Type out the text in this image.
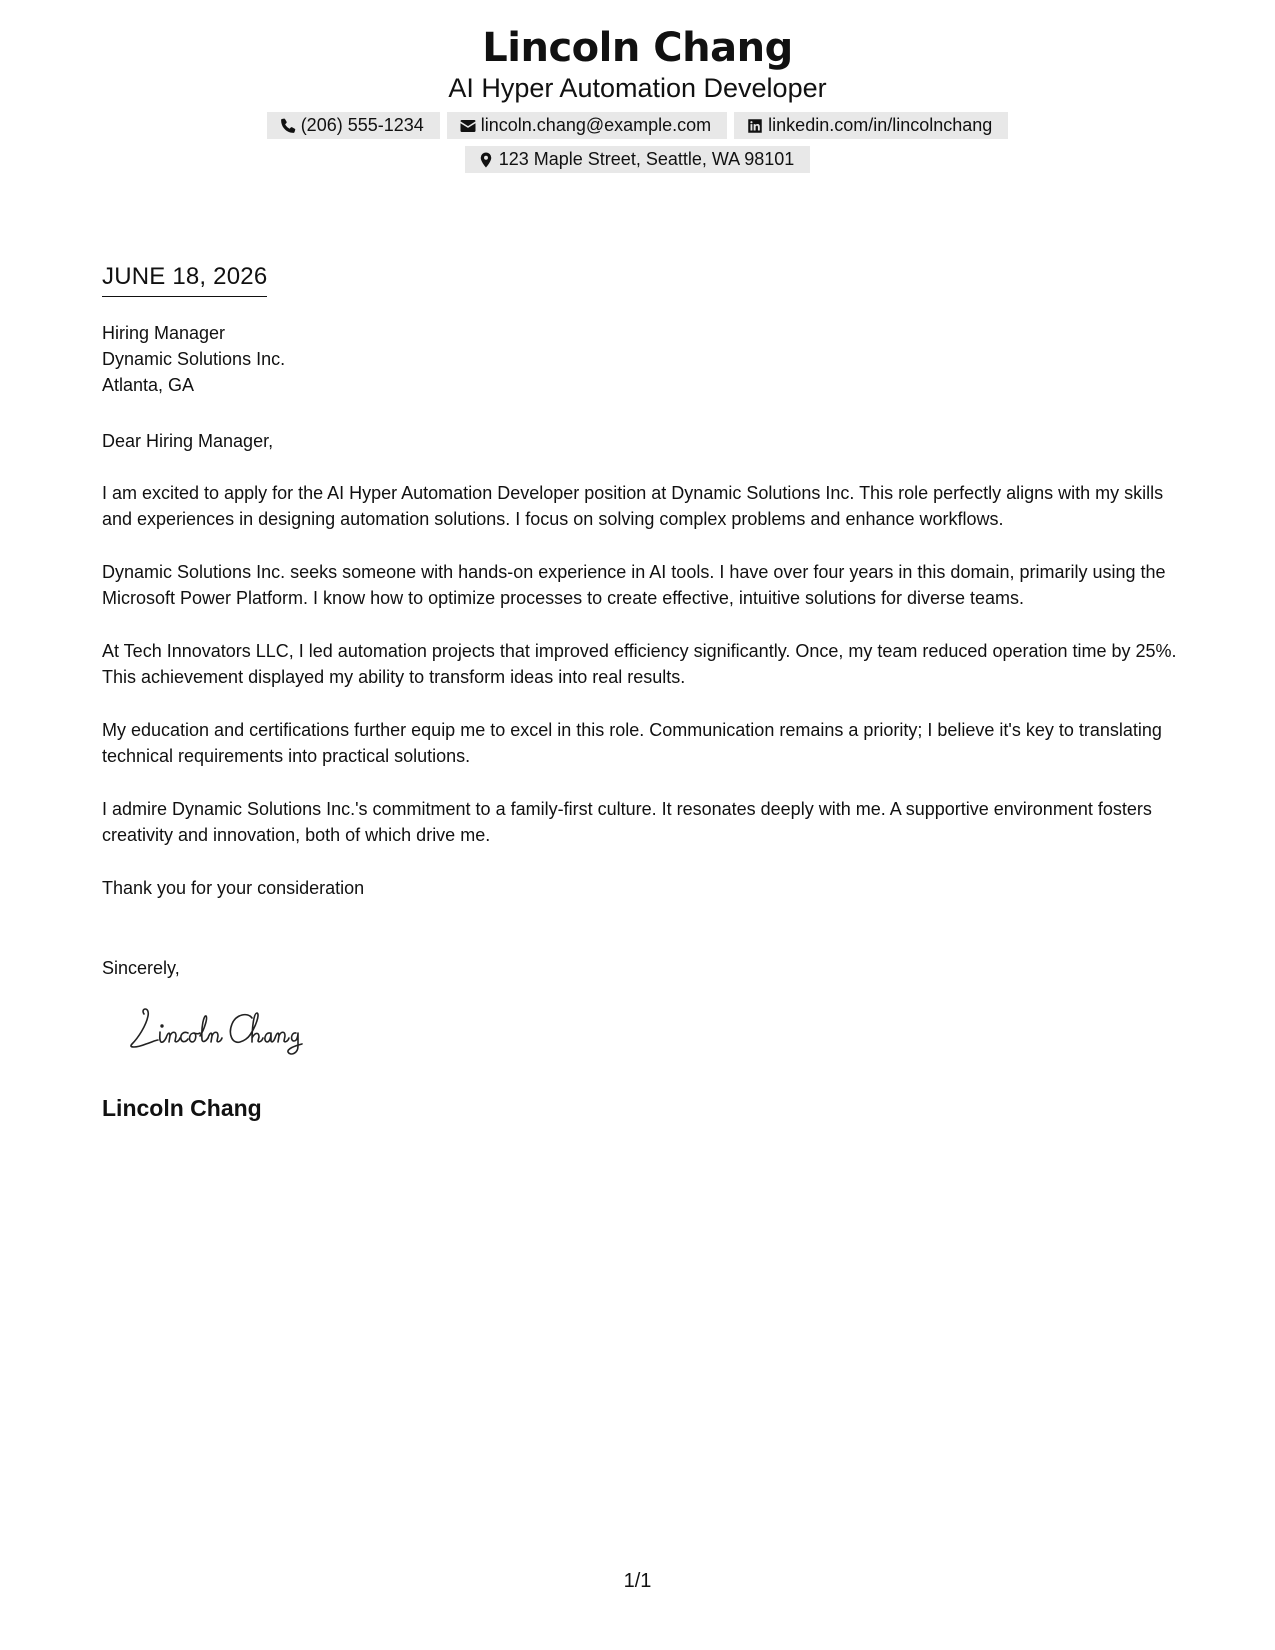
Lincoln Chang
AI Hyper Automation Developer
(206) 555-1234	lincoln.chang@example.com	linkedin.com/in/lincolnchang
123 Maple Street, Seattle, WA 98101
JUNE 18, 2026
Hiring Manager
Dynamic Solutions Inc.
Atlanta, GA
Dear Hiring Manager,

I am excited to apply for the AI Hyper Automation Developer position at Dynamic Solutions Inc. This role perfectly aligns with my skills and experiences in designing automation solutions. I focus on solving complex problems and enhance workflows.

Dynamic Solutions Inc. seeks someone with hands-on experience in AI tools. I have over four years in this domain, primarily using the Microsoft Power Platform. I know how to optimize processes to create effective, intuitive solutions for diverse teams.

At Tech Innovators LLC, I led automation projects that improved efficiency significantly. Once, my team reduced operation time by 25%. This achievement displayed my ability to transform ideas into real results.

My education and certifications further equip me to excel in this role. Communication remains a priority; I believe it's key to translating technical requirements into practical solutions.

I admire Dynamic Solutions Inc.'s commitment to a family-first culture. It resonates deeply with me. A supportive environment fosters creativity and innovation, both of which drive me.

Thank you for your consideration

Sincerely,
Lincoln Chang
1/1
